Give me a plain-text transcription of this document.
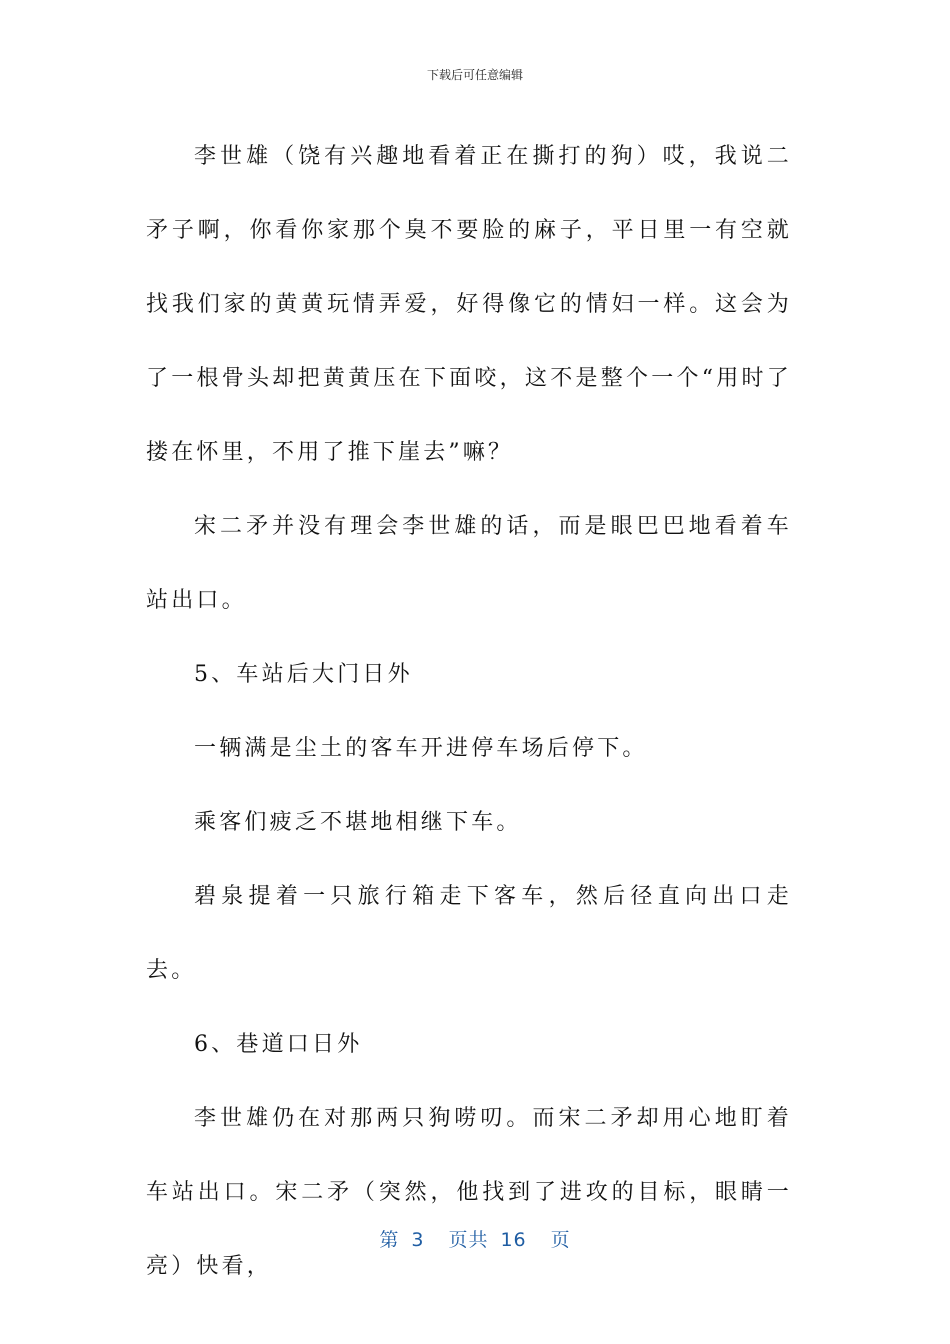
下载后可任意编辑

李世雄（饶有兴趣地看着正在撕打的狗）哎，我说二矛子啊，你看你家那个臭不要脸的麻子，平日里一有空就找我们家的黄黄玩情弄爱，好得像它的情妇一样。这会为了一根骨头却把黄黄压在下面咬，这不是整个一个“用时了搂在怀里，不用了推下崖去”嘛？

宋二矛并没有理会李世雄的话，而是眼巴巴地看着车站出口。

5、车站后大门日外

一辆满是尘土的客车开进停车场后停下。

乘客们疲乏不堪地相继下车。

碧泉提着一只旅行箱走下客车，然后径直向出口走去。

6、巷道口日外

李世雄仍在对那两只狗唠叨。而宋二矛却用心地盯着车站出口。宋二矛（突然，他找到了进攻的目标，眼睛一亮）快看，

第 3 页共 16 页
